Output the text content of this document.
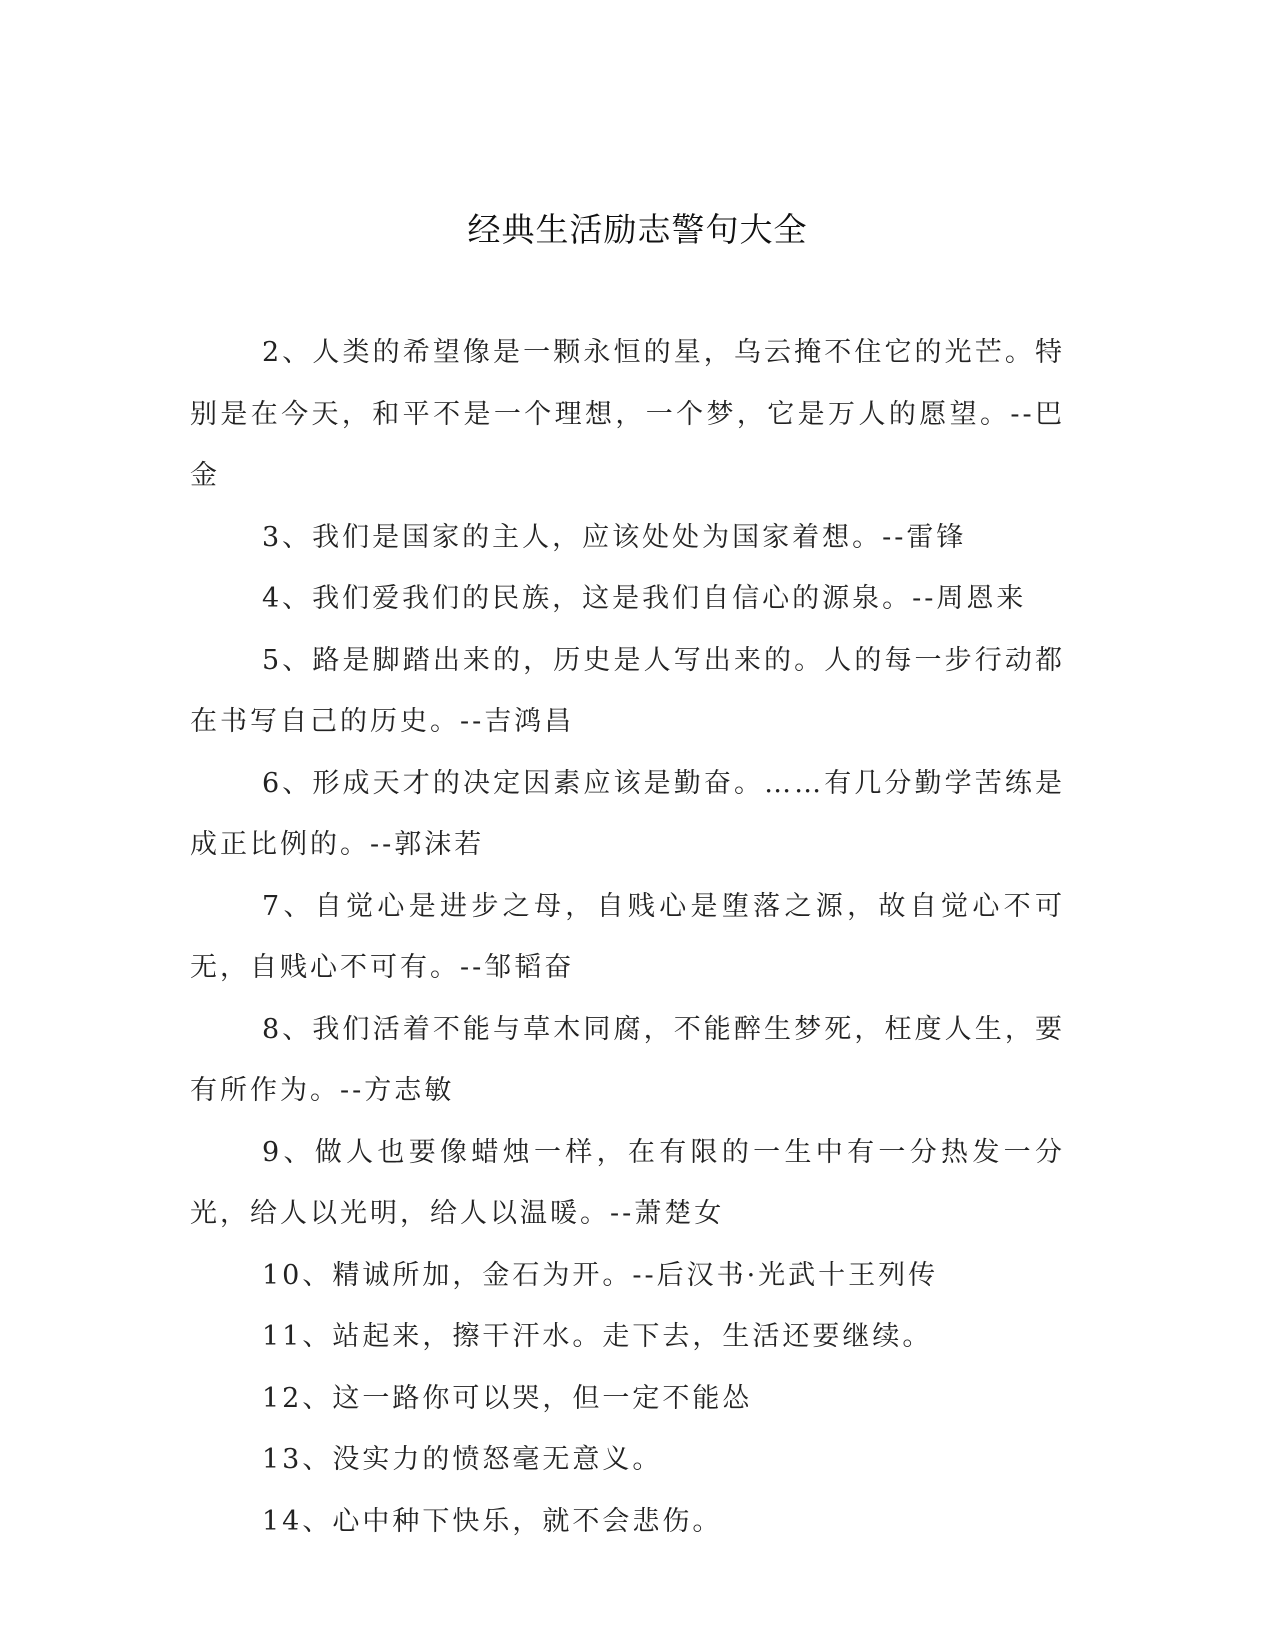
经典生活励志警句大全

2、人类的希望像是一颗永恒的星，乌云掩不住它的光芒。特别是在今天，和平不是一个理想，一个梦，它是万人的愿望。--巴金

3、我们是国家的主人，应该处处为国家着想。--雷锋

4、我们爱我们的民族，这是我们自信心的源泉。--周恩来

5、路是脚踏出来的，历史是人写出来的。人的每一步行动都在书写自己的历史。--吉鸿昌

6、形成天才的决定因素应该是勤奋。……有几分勤学苦练是成正比例的。--郭沫若

7、自觉心是进步之母，自贱心是堕落之源，故自觉心不可无，自贱心不可有。--邹韬奋

8、我们活着不能与草木同腐，不能醉生梦死，枉度人生，要有所作为。--方志敏

9、做人也要像蜡烛一样，在有限的一生中有一分热发一分光，给人以光明，给人以温暖。--萧楚女

10、精诚所加，金石为开。--后汉书·光武十王列传

11、站起来，擦干汗水。走下去，生活还要继续。

12、这一路你可以哭，但一定不能怂

13、没实力的愤怒毫无意义。

14、心中种下快乐，就不会悲伤。
